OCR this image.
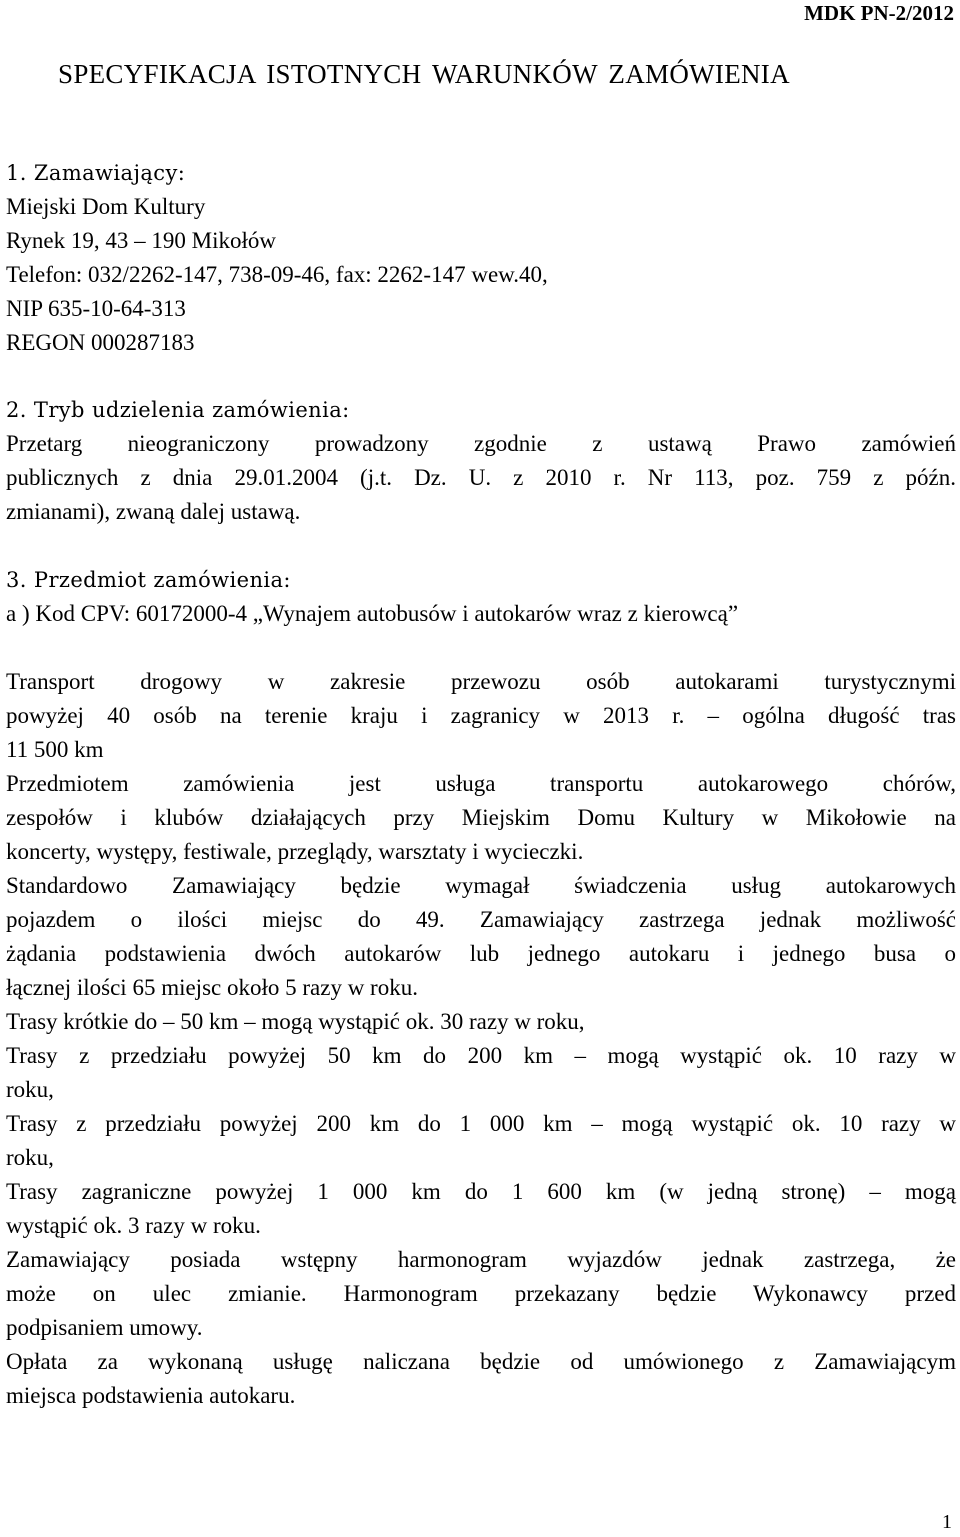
MDK PN-2/2012
SPECYFIKACJA ISTOTNYCH WARUNKÓW ZAMÓWIENIA
1. Zamawiający:
Miejski Dom Kultury
Rynek 19, 43 – 190 Mikołów
Telefon: 032/2262-147, 738-09-46, fax: 2262-147 wew.40,
NIP 635-10-64-313
REGON 000287183
2. Tryb udzielenia zamówienia:
Przetarg nieograniczony prowadzony zgodnie z ustawą Prawo zamówień
publicznych z dnia 29.01.2004 (j.t. Dz. U. z 2010 r. Nr 113, poz. 759 z późn.
zmianami), zwaną dalej ustawą.
3. Przedmiot zamówienia:
a ) Kod CPV: 60172000-4 „Wynajem autobusów i autokarów wraz z kierowcą”
Transport drogowy w zakresie przewozu osób autokarami turystycznymi
powyżej 40 osób na terenie kraju i zagranicy w 2013 r. – ogólna długość tras
11 500 km
Przedmiotem zamówienia jest usługa transportu autokarowego chórów,
zespołów i klubów działających przy Miejskim Domu Kultury w Mikołowie na
koncerty, występy, festiwale, przeglądy, warsztaty i wycieczki.
Standardowo Zamawiający będzie wymagał świadczenia usług autokarowych
pojazdem o ilości miejsc do 49. Zamawiający zastrzega jednak możliwość
żądania podstawienia dwóch autokarów lub jednego autokaru i jednego busa o
łącznej ilości 65 miejsc około 5 razy w roku.
Trasy krótkie do – 50 km – mogą wystąpić ok. 30 razy w roku,
Trasy z przedziału powyżej 50 km do 200 km – mogą wystąpić ok. 10 razy w
roku,
Trasy z przedziału powyżej 200 km do 1 000 km – mogą wystąpić ok. 10 razy w
roku,
Trasy zagraniczne powyżej 1 000 km do 1 600 km (w jedną stronę) – mogą
wystąpić ok. 3 razy w roku.
Zamawiający posiada wstępny harmonogram wyjazdów jednak zastrzega, że
może on ulec zmianie. Harmonogram przekazany będzie Wykonawcy przed
podpisaniem umowy.
Opłata za wykonaną usługę naliczana będzie od umówionego z Zamawiającym
miejsca podstawienia autokaru.
1
